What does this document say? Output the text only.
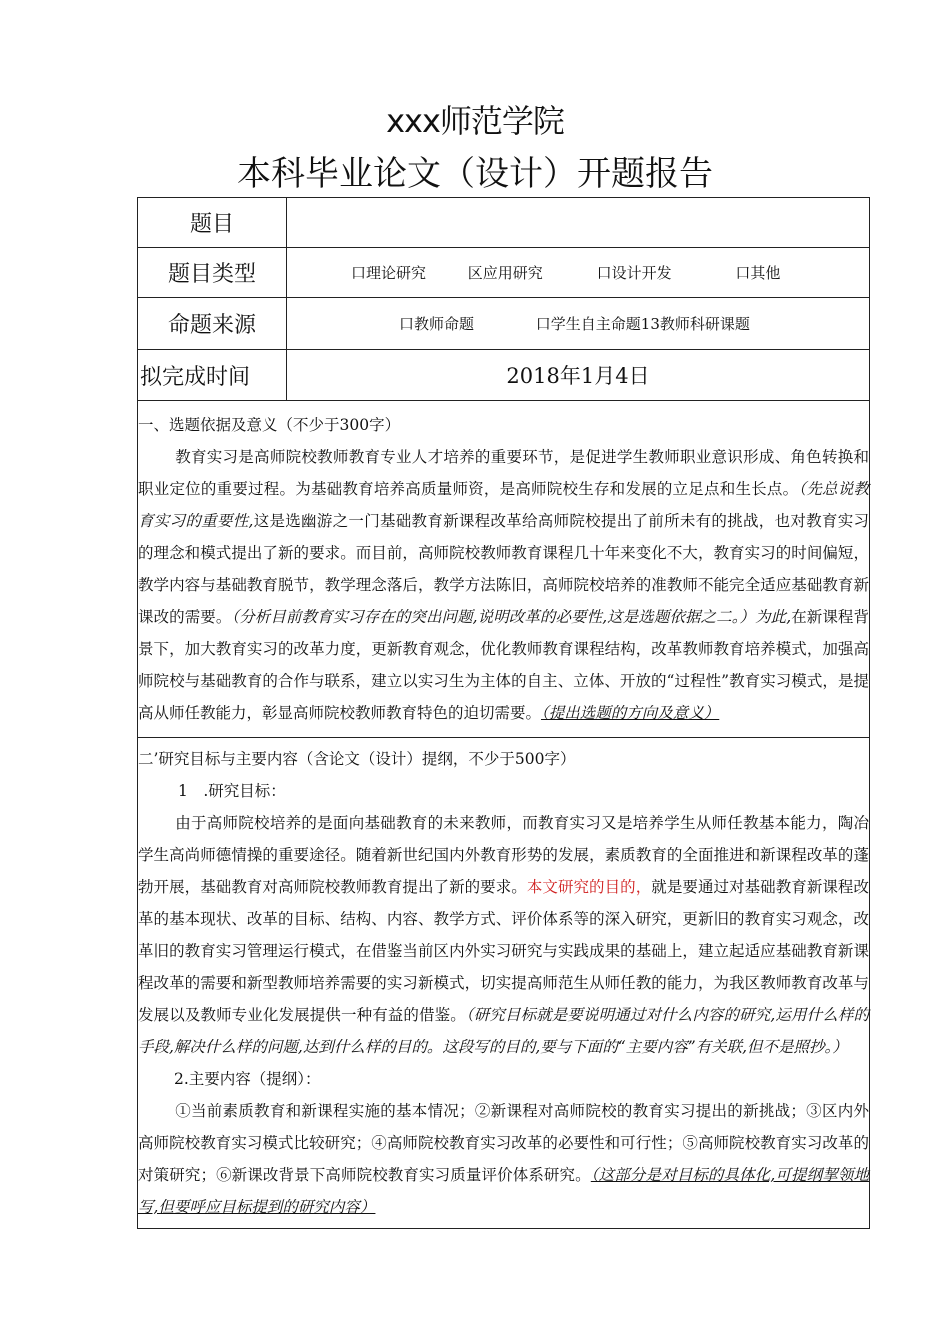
xxx师范学院
本科毕业论文（设计）开题报告
题目	
题目类型	口理论研究 区应用研究 口设计开发 口其他
命题来源	口教师命题 口学生自主命题13教师科研课题
拟完成时间	2018年1月4日

一、选题依据及意义（不少于300字）

教育实习是高师院校教师教育专业人才培养的重要环节，是促进学生教师职业意识形成、角色转换和职业定位的重要过程。为基础教育培养高质量师资，是高师院校生存和发展的立足点和生长点。（先总说教育实习的重要性,这是选幽游之一门基础教育新课程改革给高师院校提出了前所未有的挑战，也对教育实习的理念和模式提出了新的要求。而目前，高师院校教师教育课程几十年来变化不大，教育实习的时间偏短，教学内容与基础教育脱节，教学理念落后，教学方法陈旧，高师院校培养的准教师不能完全适应基础教育新课改的需要。（分析目前教育实习存在的突出问题,说明改革的必要性,这是选题依据之二。）为此,在新课程背景下，加大教育实习的改革力度，更新教育观念，优化教师教育课程结构，改革教师教育培养模式，加强高师院校与基础教育的合作与联系，建立以实习生为主体的自主、立体、开放的“过程性”教育实习模式，是提高从师任教能力，彰显高师院校教师教育特色的迫切需要。（提出选题的方向及意义）	

二’研究目标与主要内容（含论文（设计）提纲，不少于500字）
1　.研究目标：

由于高师院校培养的是面向基础教育的未来教师，而教育实习又是培养学生从师任教基本能力，陶冶学生高尚师德情操的重要途径。随着新世纪国内外教育形势的发展，素质教育的全面推进和新课程改革的蓬勃开展，基础教育对高师院校教师教育提出了新的要求。本文研究的目的，就是要通过对基础教育新课程改革的基本现状、改革的目标、结构、内容、教学方式、评价体系等的深入研究，更新旧的教育实习观念，改革旧的教育实习管理运行模式，在借鉴当前区内外实习研究与实践成果的基础上，建立起适应基础教育新课程改革的需要和新型教师培养需要的实习新模式，切实提高师范生从师任教的能力，为我区教师教育改革与发展以及教师专业化发展提供一种有益的借鉴。（研究目标就是要说明通过对什么内容的研究,运用什么样的手段,解决什么样的问题,达到什么样的目的。这段写的目的,要与下面的“主要内容”有关联,但不是照抄。）

2.主要内容（提纲）：

①当前素质教育和新课程实施的基本情况；②新课程对高师院校的教育实习提出的新挑战；③区内外高师院校教育实习模式比较研究；④高师院校教育实习改革的必要性和可行性；⑤高师院校教育实习改革的对策研究；⑥新课改背景下高师院校教育实习质量评价体系研究。（这部分是对目标的具体化,可提纲挈领地写,但要呼应目标提到的研究内容）	
